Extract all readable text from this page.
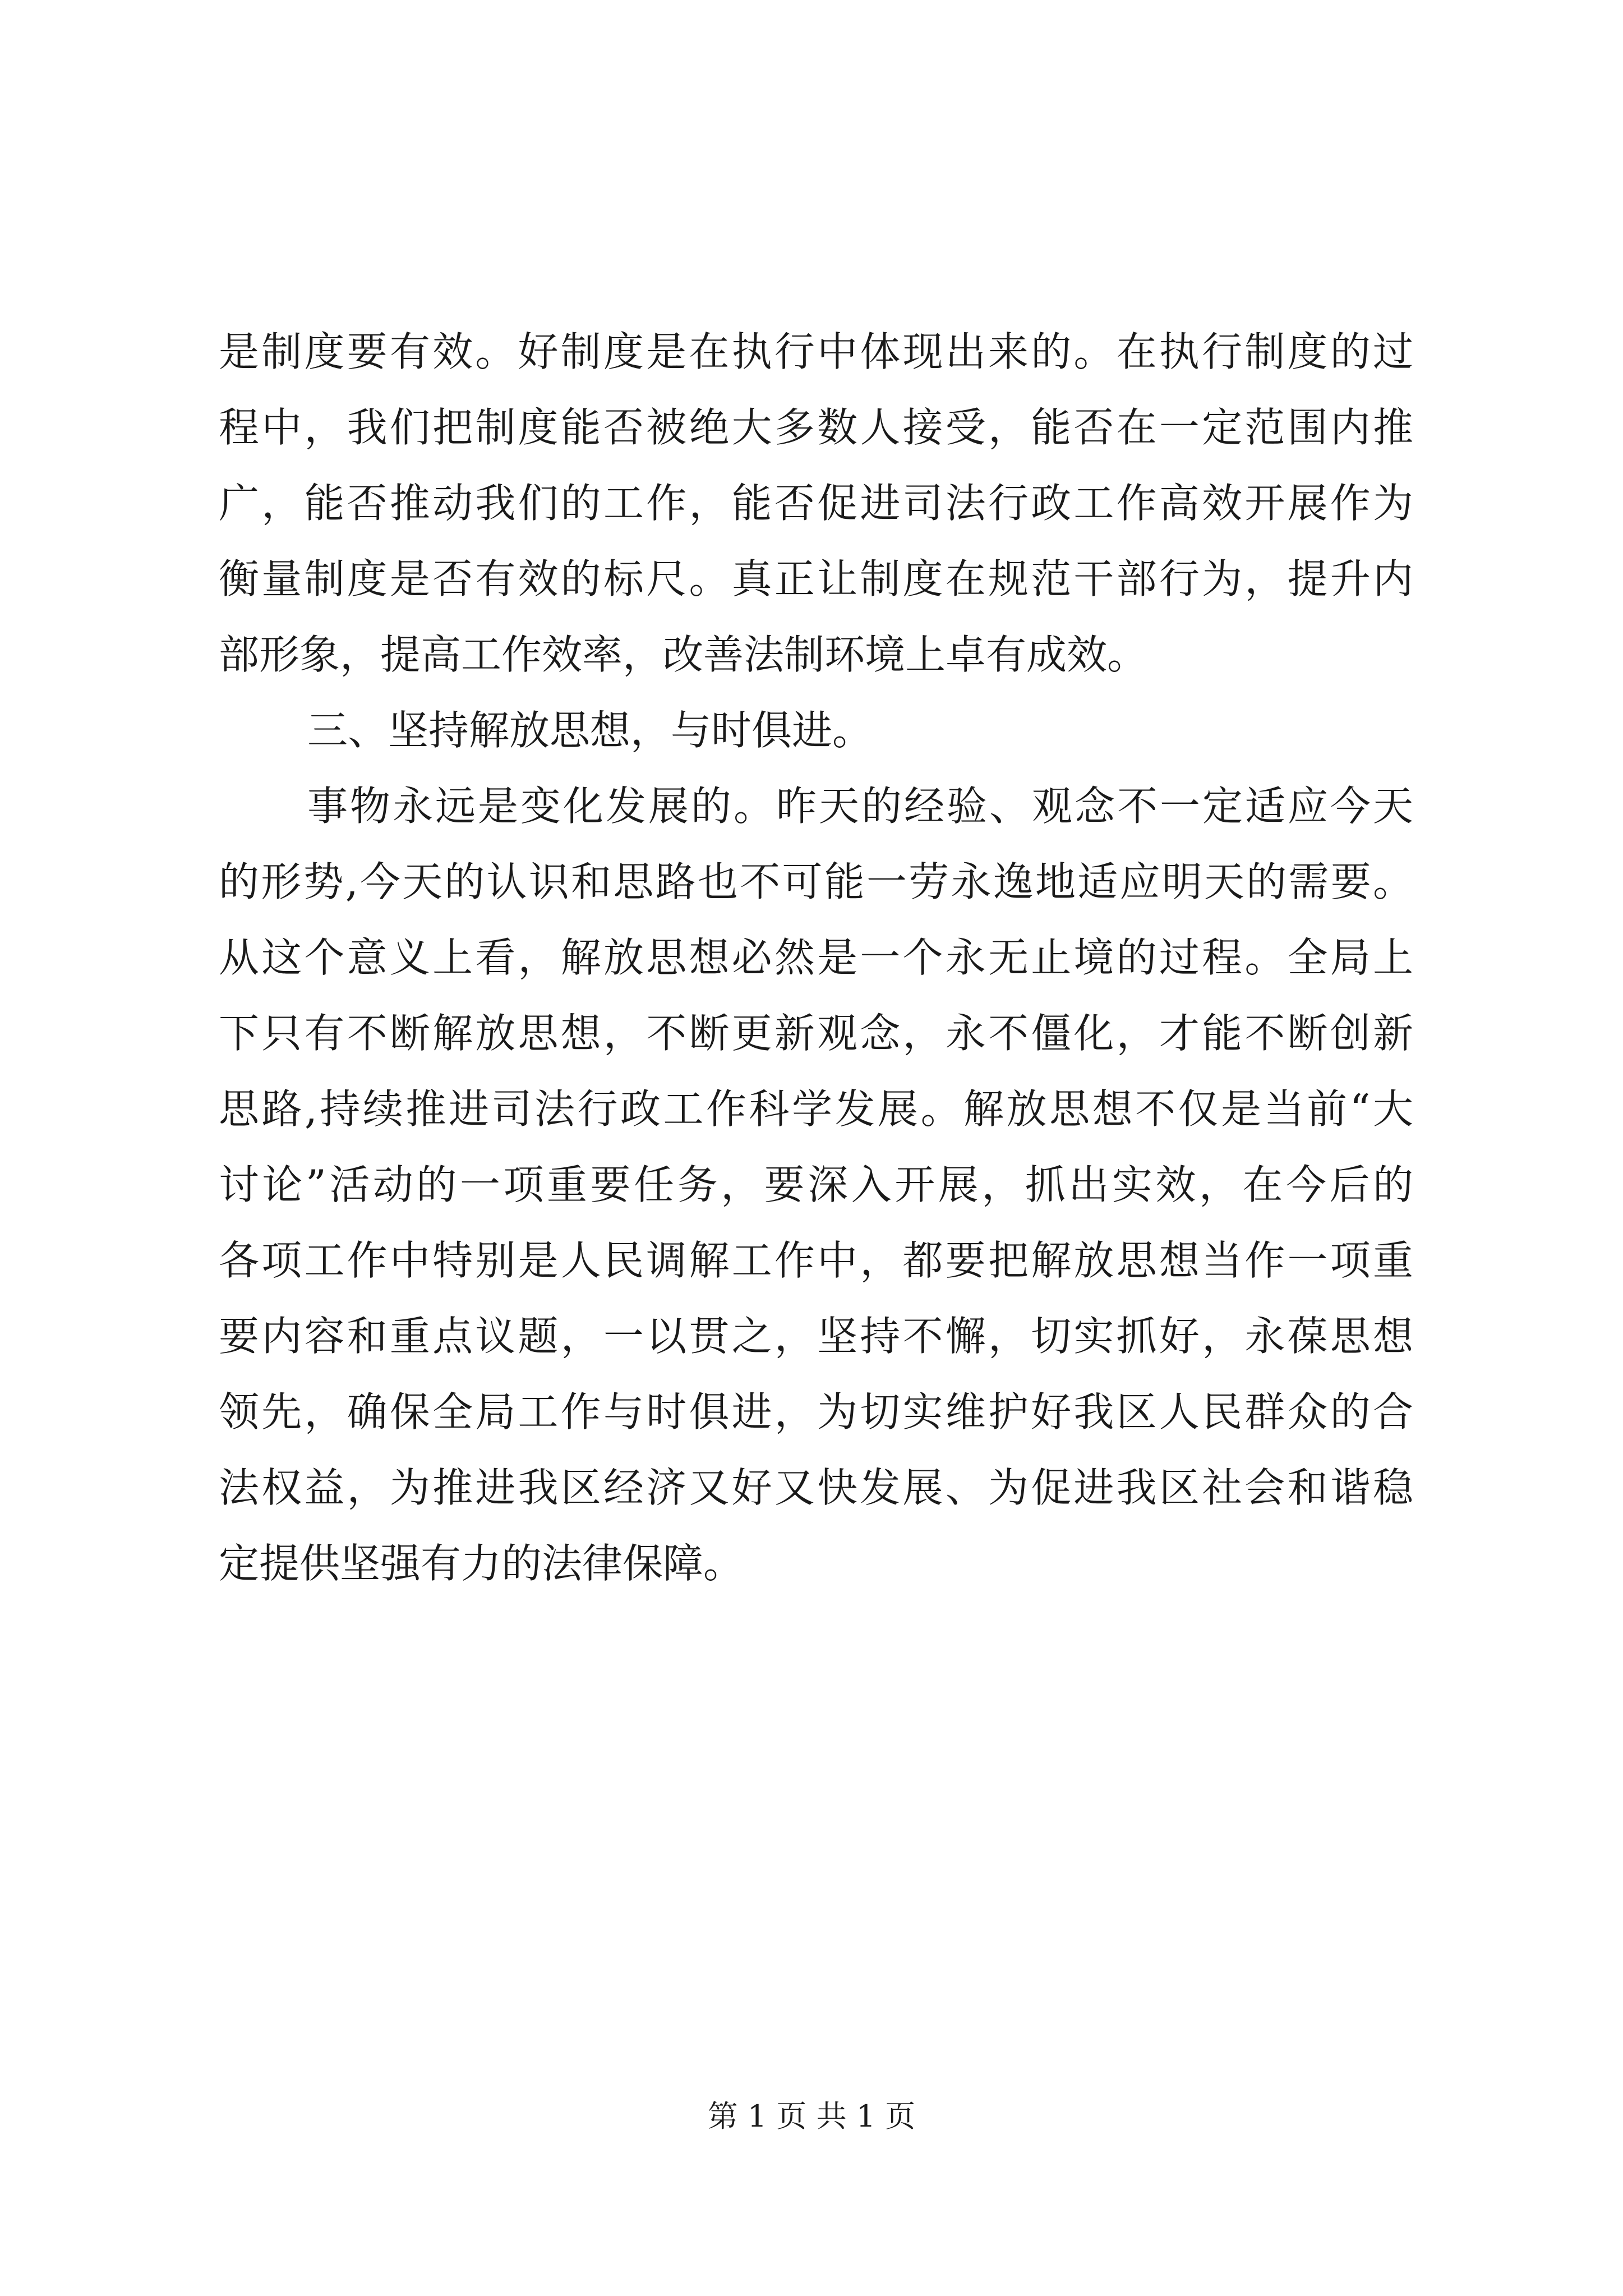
是制度要有效。好制度是在执行中体现出来的。在执行制度的过
程中，我们把制度能否被绝大多数人接受，能否在一定范围内推
广，能否推动我们的工作，能否促进司法行政工作高效开展作为
衡量制度是否有效的标尺。真正让制度在规范干部行为，提升内
部形象，提高工作效率，改善法制环境上卓有成效。
三、坚持解放思想，与时俱进。
事物永远是变化发展的。昨天的经验、观念不一定适应今天
的形势,今天的认识和思路也不可能一劳永逸地适应明天的需要。
从这个意义上看，解放思想必然是一个永无止境的过程。全局上
下只有不断解放思想，不断更新观念，永不僵化，才能不断创新
思路,持续推进司法行政工作科学发展。解放思想不仅是当前“大
讨论”活动的一项重要任务，要深入开展，抓出实效，在今后的
各项工作中特别是人民调解工作中，都要把解放思想当作一项重
要内容和重点议题，一以贯之，坚持不懈，切实抓好，永葆思想
领先，确保全局工作与时俱进，为切实维护好我区人民群众的合
法权益，为推进我区经济又好又快发展、为促进我区社会和谐稳
定提供坚强有力的法律保障。
第 1 页 共 1 页
